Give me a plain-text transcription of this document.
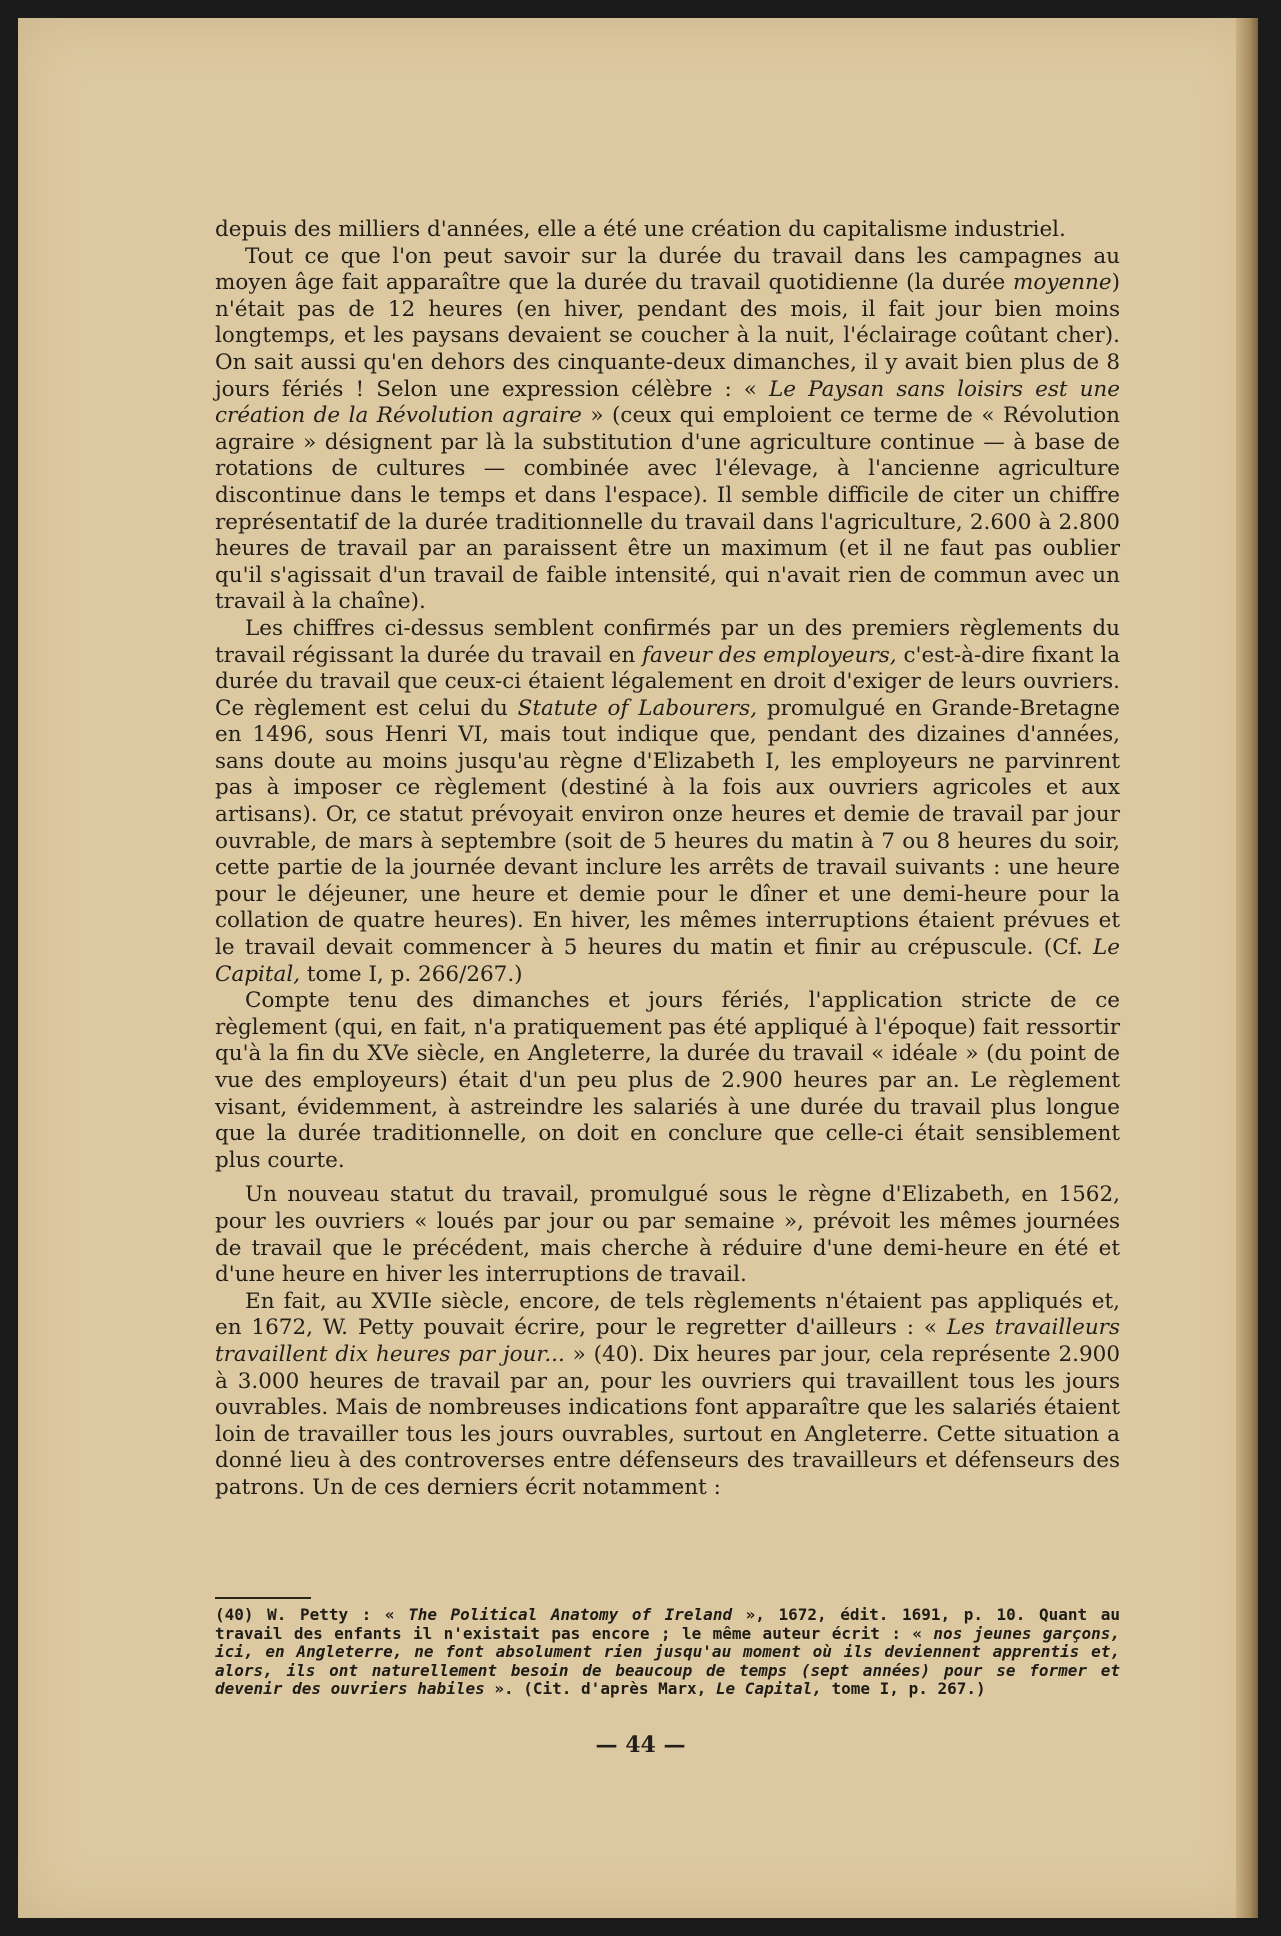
depuis des milliers d'années, elle a été une création du capitalisme industriel.

Tout ce que l'on peut savoir sur la durée du travail dans les campagnes au moyen âge fait apparaître que la durée du travail quotidienne (la durée moyenne) n'était pas de 12 heures (en hiver, pendant des mois, il fait jour bien moins longtemps, et les paysans devaient se coucher à la nuit, l'éclairage coûtant cher). On sait aussi qu'en dehors des cinquante-deux dimanches, il y avait bien plus de 8 jours fériés ! Selon une expression célèbre : « Le Paysan sans loisirs est une création de la Révolution agraire » (ceux qui emploient ce terme de « Révolution agraire » désignent par là la substitution d'une agriculture continue — à base de rotations de cultures — combinée avec l'élevage, à l'ancienne agriculture discontinue dans le temps et dans l'espace). Il semble difficile de citer un chiffre représentatif de la durée traditionnelle du travail dans l'agriculture, 2.600 à 2.800 heures de travail par an paraissent être un maximum (et il ne faut pas oublier qu'il s'agissait d'un travail de faible intensité, qui n'avait rien de commun avec un travail à la chaîne).

Les chiffres ci-dessus semblent confirmés par un des premiers règlements du travail régissant la durée du travail en faveur des employeurs, c'est-à-dire fixant la durée du travail que ceux-ci étaient légalement en droit d'exiger de leurs ouvriers. Ce règlement est celui du Statute of Labourers, promulgué en Grande-Bretagne en 1496, sous Henri VI, mais tout indique que, pendant des dizaines d'années, sans doute au moins jusqu'au règne d'Elizabeth I, les employeurs ne parvinrent pas à imposer ce règlement (destiné à la fois aux ouvriers agricoles et aux artisans). Or, ce statut prévoyait environ onze heures et demie de travail par jour ouvrable, de mars à septembre (soit de 5 heures du matin à 7 ou 8 heures du soir, cette partie de la journée devant inclure les arrêts de travail suivants : une heure pour le déjeuner, une heure et demie pour le dîner et une demi-heure pour la collation de quatre heures). En hiver, les mêmes interruptions étaient prévues et le travail devait commencer à 5 heures du matin et finir au crépuscule. (Cf. Le Capital, tome I, p. 266/267.)

Compte tenu des dimanches et jours fériés, l'application stricte de ce règlement (qui, en fait, n'a pratiquement pas été appliqué à l'époque) fait ressortir qu'à la fin du XVe siècle, en Angleterre, la durée du travail « idéale » (du point de vue des employeurs) était d'un peu plus de 2.900 heures par an. Le règlement visant, évidemment, à astreindre les salariés à une durée du travail plus longue que la durée traditionnelle, on doit en conclure que celle-ci était sensiblement plus courte.

Un nouveau statut du travail, promulgué sous le règne d'Elizabeth, en 1562, pour les ouvriers « loués par jour ou par semaine », prévoit les mêmes journées de travail que le précédent, mais cherche à réduire d'une demi-heure en été et d'une heure en hiver les interruptions de travail.

En fait, au XVIIe siècle, encore, de tels règlements n'étaient pas appliqués et, en 1672, W. Petty pouvait écrire, pour le regretter d'ailleurs : « Les travailleurs travaillent dix heures par jour... » (40). Dix heures par jour, cela représente 2.900 à 3.000 heures de travail par an, pour les ouvriers qui travaillent tous les jours ouvrables. Mais de nombreuses indications font apparaître que les salariés étaient loin de travailler tous les jours ouvrables, surtout en Angleterre. Cette situation a donné lieu à des controverses entre défenseurs des travailleurs et défenseurs des patrons. Un de ces derniers écrit notamment :

(40) W. Petty : « The Political Anatomy of Ireland », 1672, édit. 1691, p. 10. Quant au travail des enfants il n'existait pas encore ; le même auteur écrit : « nos jeunes garçons, ici, en Angleterre, ne font absolument rien jusqu'au moment où ils deviennent apprentis et, alors, ils ont naturellement besoin de beaucoup de temps (sept années) pour se former et devenir des ouvriers habiles ». (Cit. d'après Marx, Le Capital, tome I, p. 267.)

— 44 —
